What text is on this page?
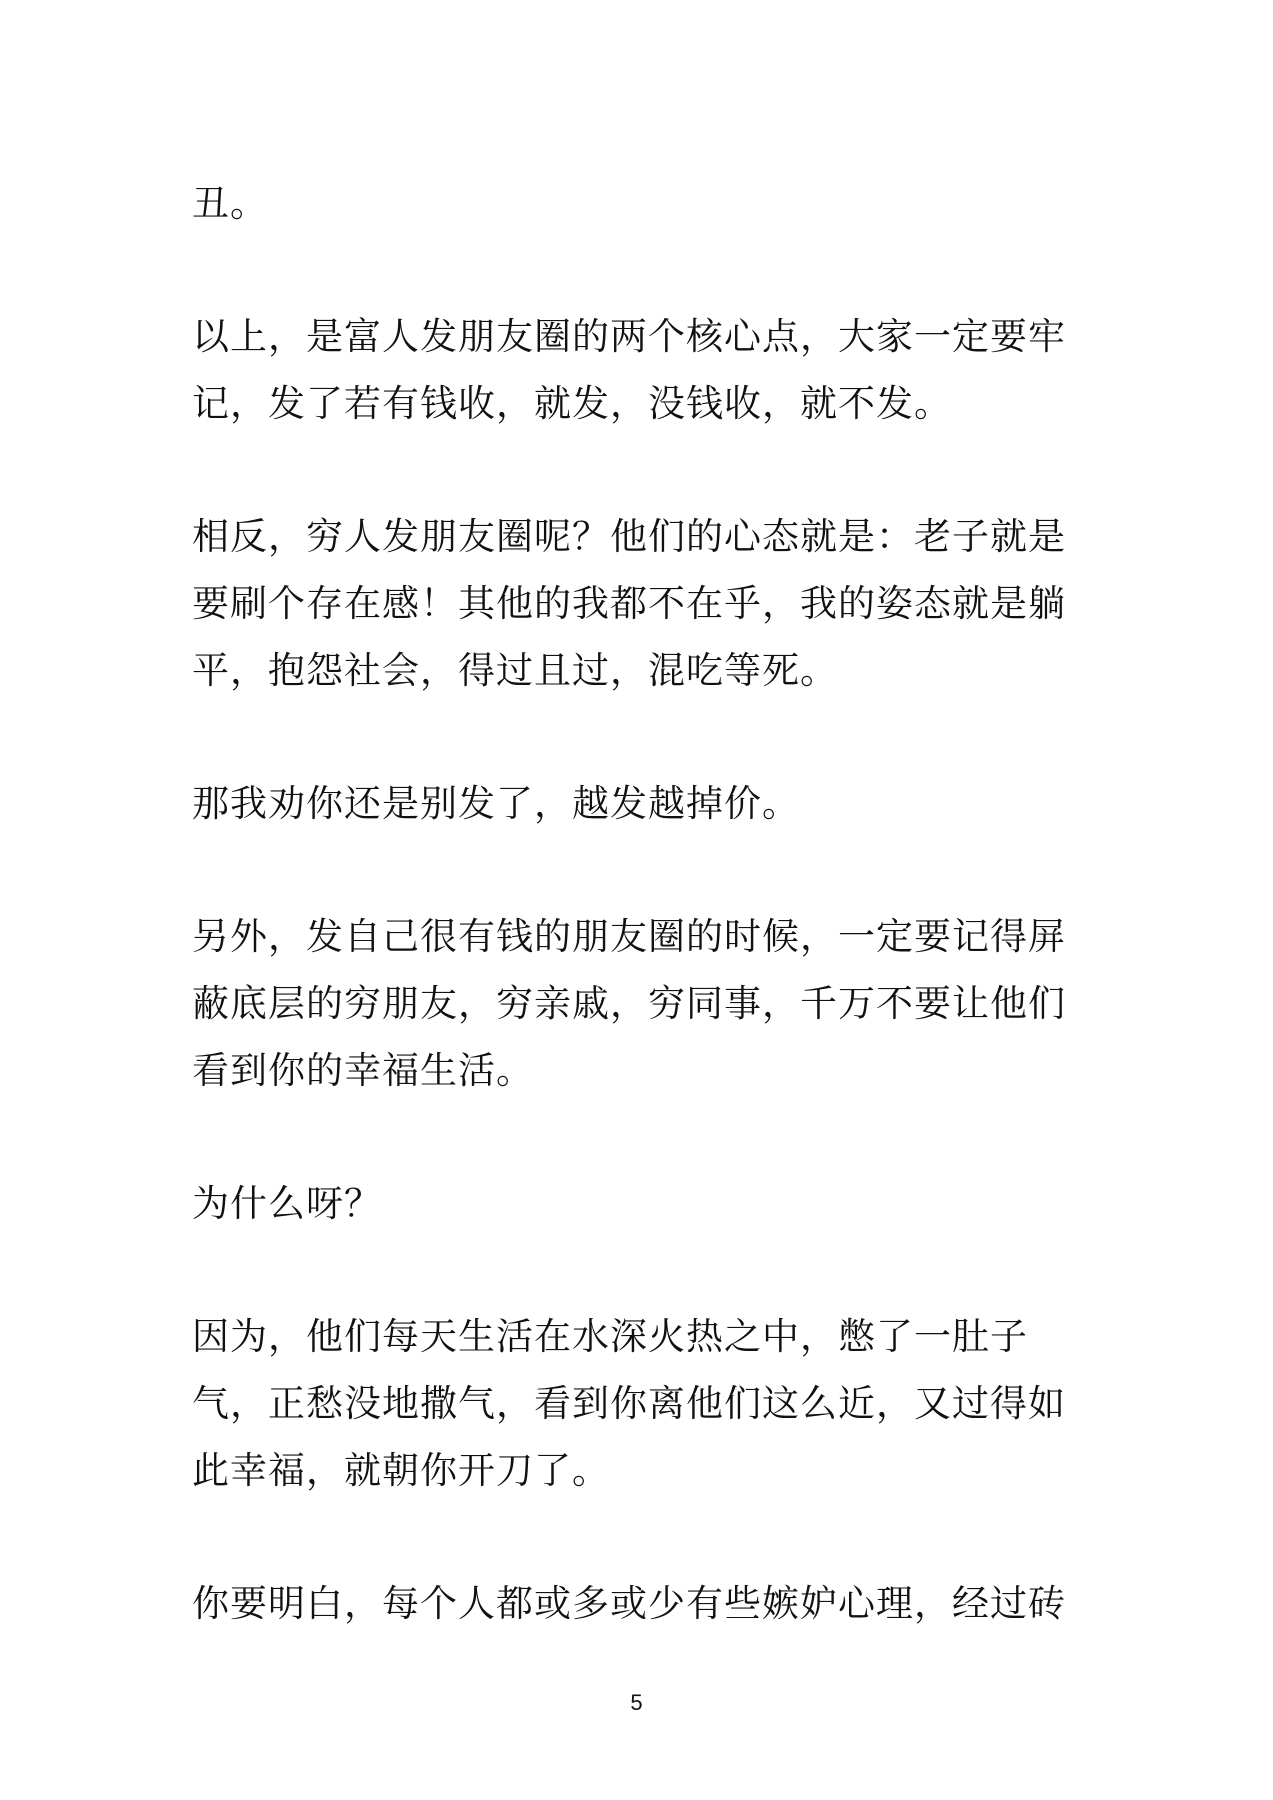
丑。

以上，是富人发朋友圈的两个核心点，大家一定要牢记，发了若有钱收，就发，没钱收，就不发。

相反，穷人发朋友圈呢？他们的心态就是：老子就是要刷个存在感！其他的我都不在乎，我的姿态就是躺平，抱怨社会，得过且过，混吃等死。

那我劝你还是别发了，越发越掉价。

另外，发自己很有钱的朋友圈的时候，一定要记得屏蔽底层的穷朋友，穷亲戚，穷同事，千万不要让他们看到你的幸福生活。

为什么呀？

因为，他们每天生活在水深火热之中，憋了一肚子气，正愁没地撒气，看到你离他们这么近，又过得如此幸福，就朝你开刀了。

你要明白，每个人都或多或少有些嫉妒心理，经过砖

5
